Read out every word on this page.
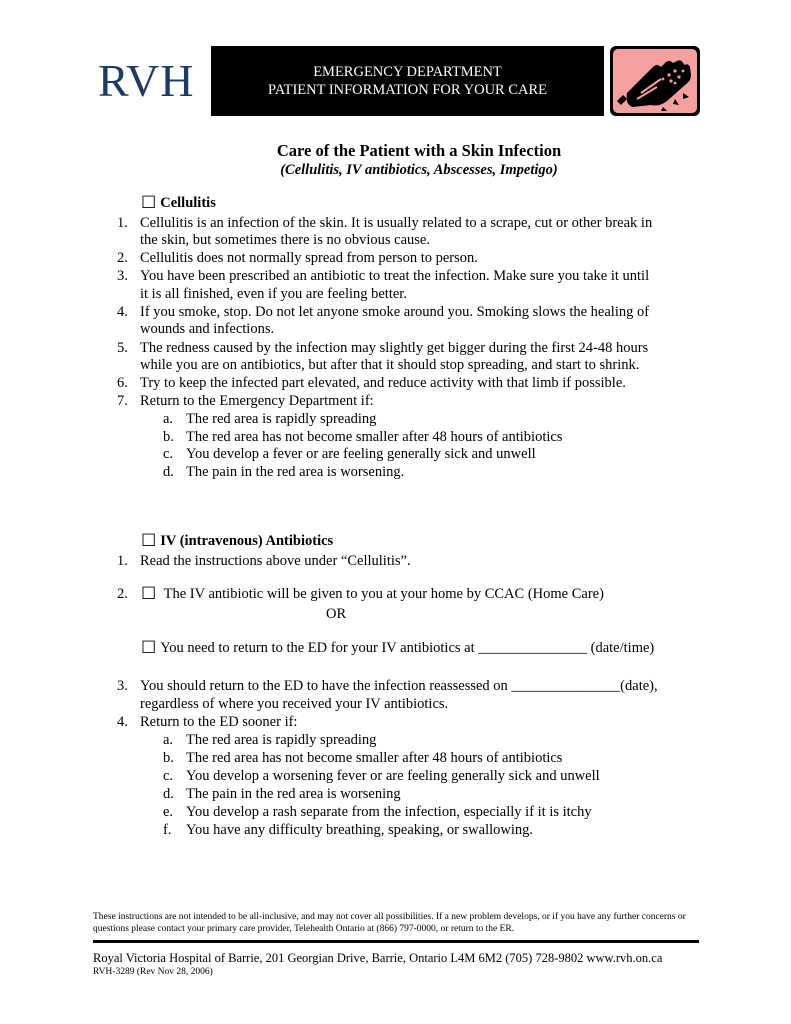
RVH	EMERGENCY DEPARTMENT
PATIENT INFORMATION FOR YOUR CARE
Care of the Patient with a Skin Infection
(Cellulitis, IV antibiotics, Abscesses, Impetigo)
☐ Cellulitis
1. Cellulitis is an infection of the skin. It is usually related to a scrape, cut or other break in
the skin, but sometimes there is no obvious cause.
2. Cellulitis does not normally spread from person to person.
3. You have been prescribed an antibiotic to treat the infection. Make sure you take it until
it is all finished, even if you are feeling better.
4. If you smoke, stop. Do not let anyone smoke around you. Smoking slows the healing of
wounds and infections.
5. The redness caused by the infection may slightly get bigger during the first 24-48 hours
while you are on antibiotics, but after that it should stop spreading, and start to shrink.
6. Try to keep the infected part elevated, and reduce activity with that limb if possible.
7. Return to the Emergency Department if:
a. The red area is rapidly spreading
b. The red area has not become smaller after 48 hours of antibiotics
c. You develop a fever or are feeling generally sick and unwell
d. The pain in the red area is worsening.
☐ IV (intravenous) Antibiotics
1. Read the instructions above under “Cellulitis”.
2. ☐ The IV antibiotic will be given to you at your home by CCAC (Home Care)
OR
☐ You need to return to the ED for your IV antibiotics at _______________ (date/time)
3. You should return to the ED to have the infection reassessed on _______________(date),
regardless of where you received your IV antibiotics.
4. Return to the ED sooner if:
a. The red area is rapidly spreading
b. The red area has not become smaller after 48 hours of antibiotics
c. You develop a worsening fever or are feeling generally sick and unwell
d. The pain in the red area is worsening
e. You develop a rash separate from the infection, especially if it is itchy
f. You have any difficulty breathing, speaking, or swallowing.
These instructions are not intended to be all-inclusive, and may not cover all possibilities. If a new problem develops, or if you have any further concerns or questions please contact your primary care provider, Telehealth Ontario at (866) 797-0000, or return to the ER.
Royal Victoria Hospital of Barrie, 201 Georgian Drive, Barrie, Ontario L4M 6M2 (705) 728-9802 www.rvh.on.ca
RVH-3289 (Rev Nov 28, 2006)
